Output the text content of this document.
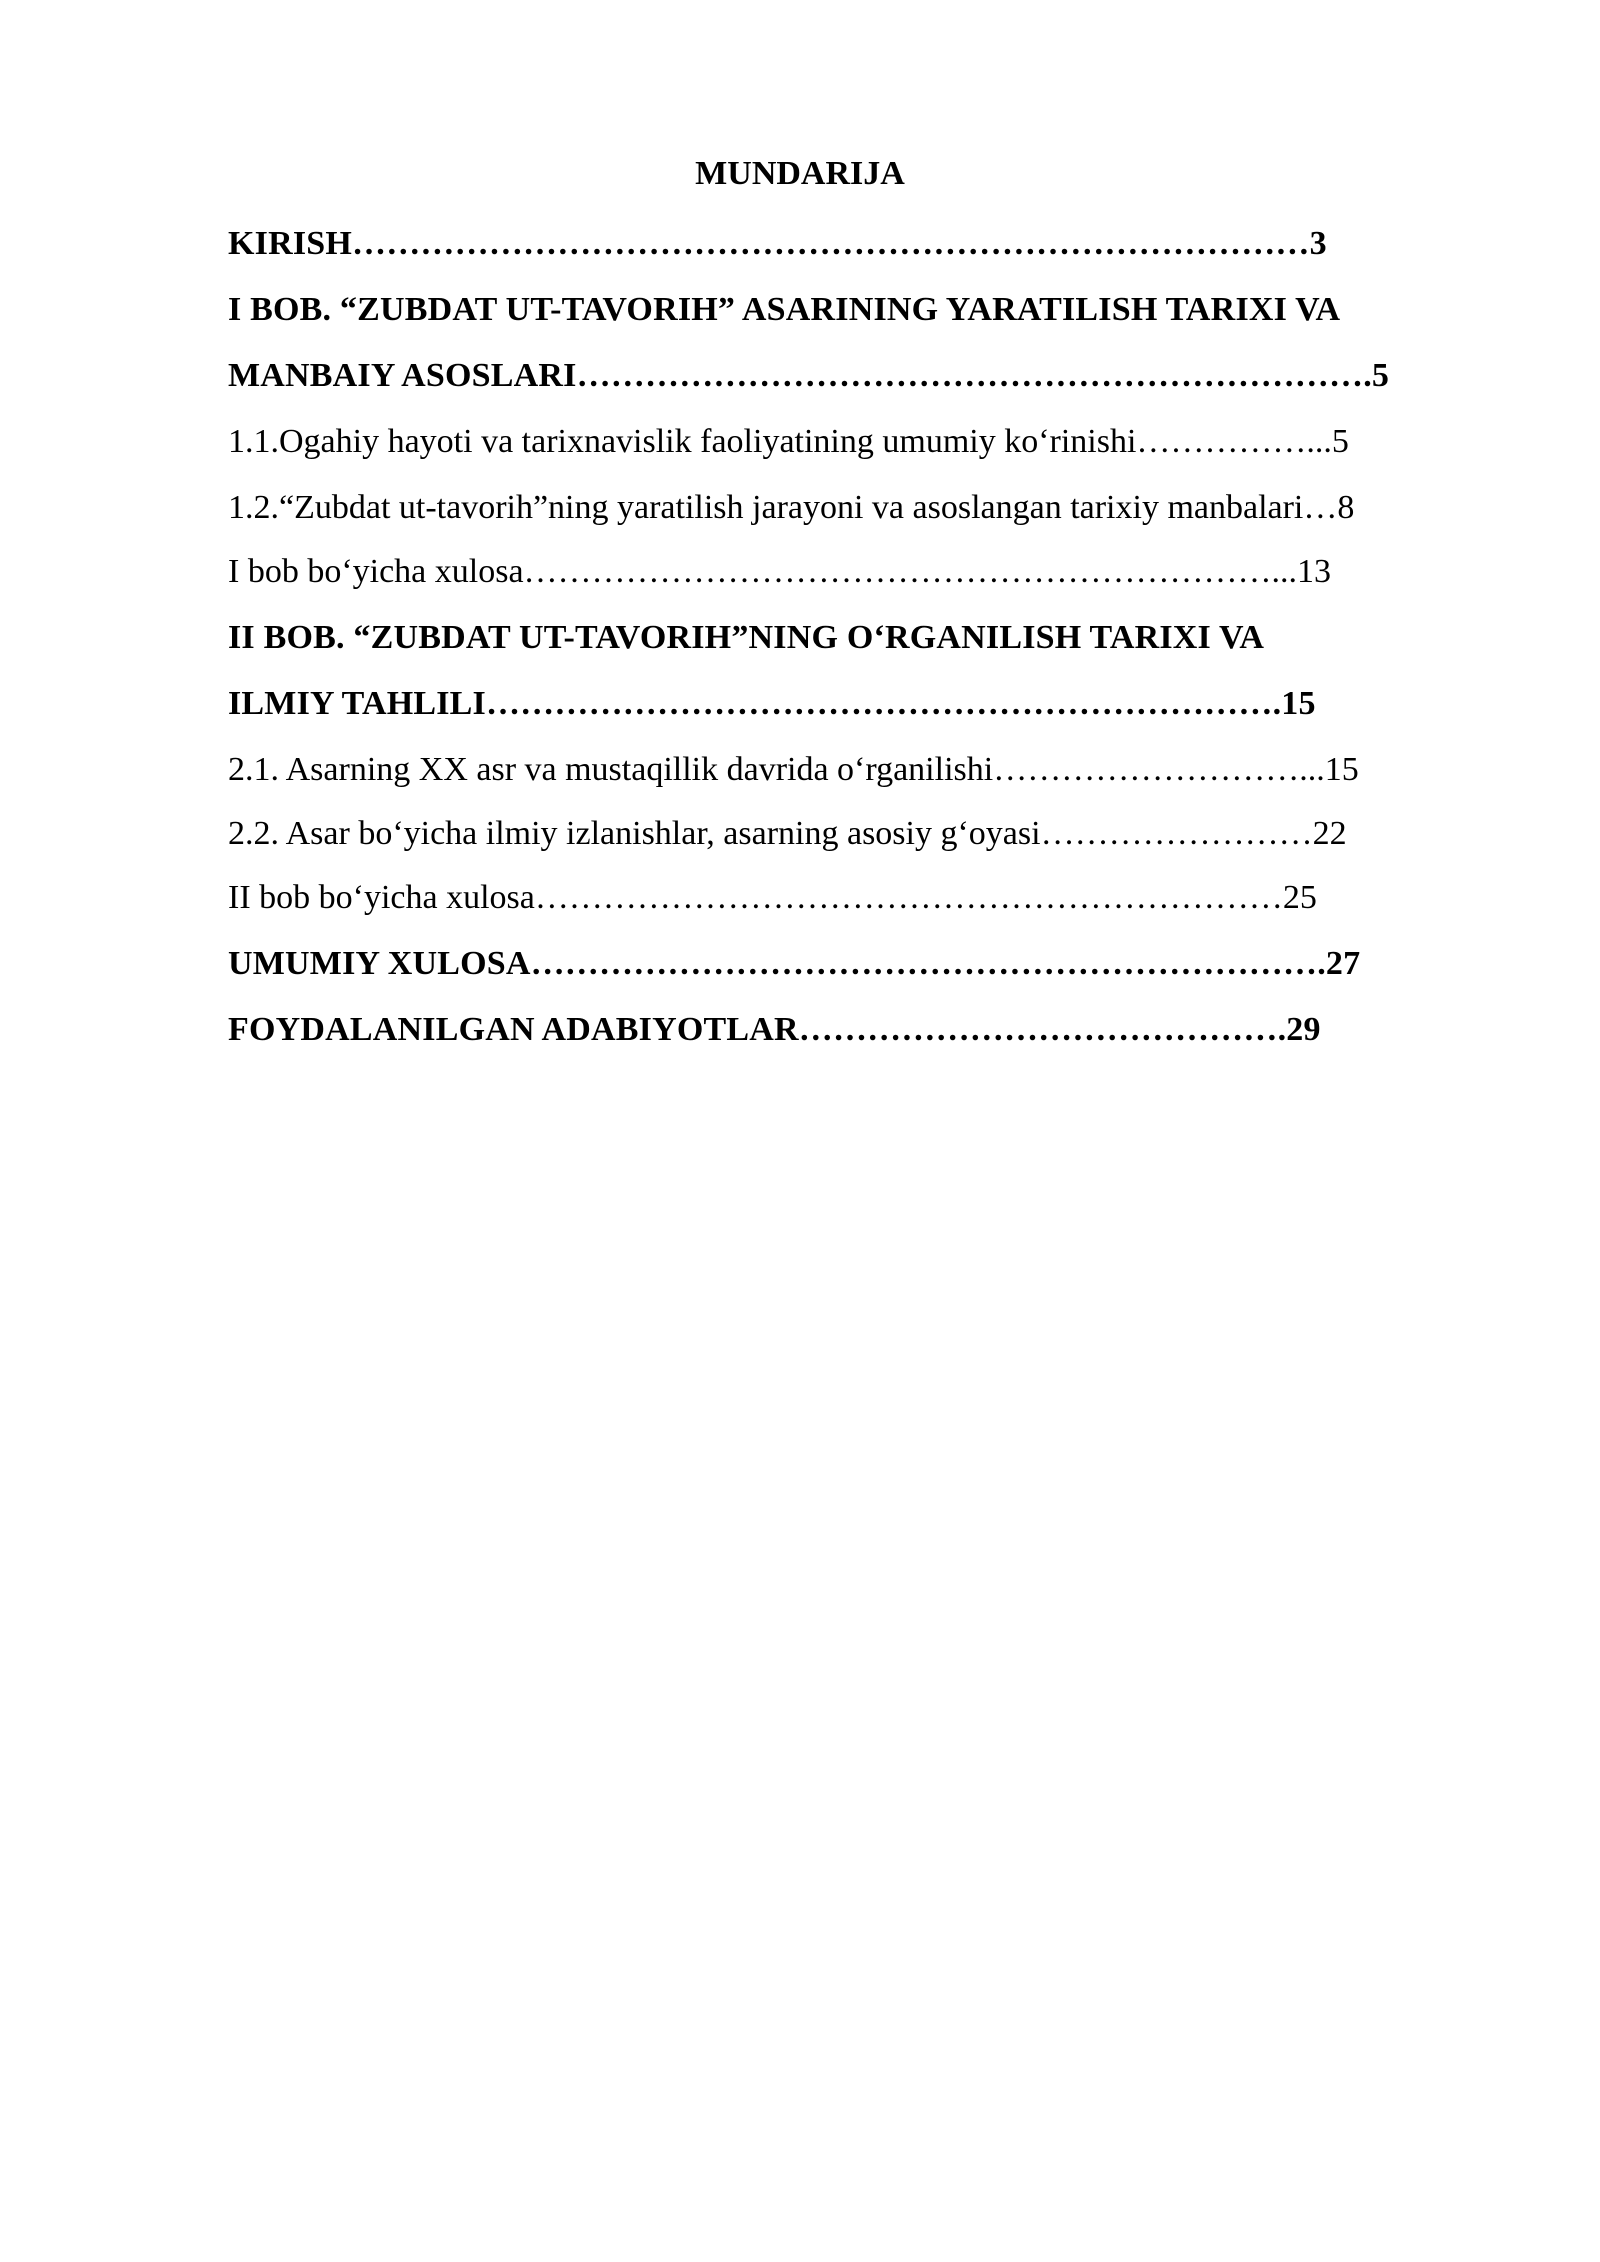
MUNDARIJA
KIRISH…………………………………………………………………………3
I BOB. “ZUBDAT UT-TAVORIH” ASARINING YARATILISH TARIXI VA
MANBAIY ASOSLARI…………………………………………………………….5
1.1.Ogahiy hayoti va tarixnavislik faoliyatining umumiy ko‘rinishi……………...5
1.2.“Zubdat ut-tavorih”ning yaratilish jarayoni va asoslangan tarixiy manbalari…8
I bob bo‘yicha xulosa…………………………………………………………...13
II BOB. “ZUBDAT UT-TAVORIH”NING O‘RGANILISH TARIXI VA
ILMIY TAHLILI…………………………………………………………….15
2.1. Asarning XX asr va mustaqillik davrida o‘rganilishi………………………...15
2.2. Asar bo‘yicha ilmiy izlanishlar, asarning asosiy g‘oyasi……………………22
II bob bo‘yicha xulosa…………………………………………………………25
UMUMIY XULOSA…………………………………………………………….27
FOYDALANILGAN ADABIYOTLAR…………………………………….29
